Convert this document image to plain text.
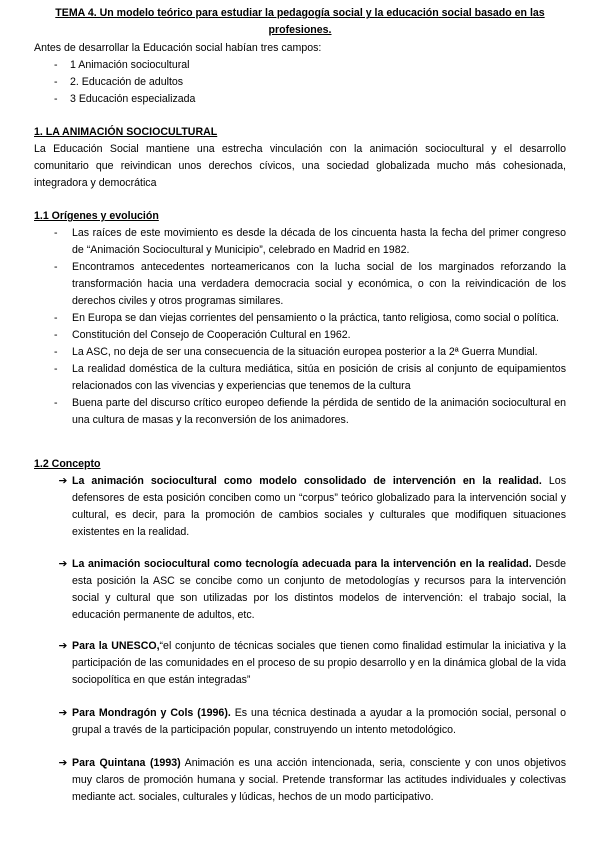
TEMA 4. Un modelo teórico para estudiar la pedagogía social y la educación social basado en las profesiones.
Antes de desarrollar la Educación social habían tres campos:
- 1 Animación sociocultural
- 2. Educación de adultos
- 3 Educación especializada

1. LA ANIMACIÓN SOCIOCULTURAL

La Educación Social mantiene una estrecha vinculación con la animación sociocultural y el desarrollo comunitario que reivindican unos derechos cívicos, una sociedad globalizada mucho más cohesionada, integradora y democrática

1.1 Orígenes y evolución

- Las raíces de este movimiento es desde la década de los cincuenta hasta la fecha del primer congreso de “Animación Sociocultural y Municipio”, celebrado en Madrid en 1982.
- Encontramos antecedentes norteamericanos con la lucha social de los marginados reforzando la transformación hacia una verdadera democracia social y económica, o con la reivindicación de los derechos civiles y otros programas similares.
- En Europa se dan viejas corrientes del pensamiento o la práctica, tanto religiosa, como social o política.
- Constitución del Consejo de Cooperación Cultural en 1962.
- La ASC, no deja de ser una consecuencia de la situación europea posterior a la 2ª Guerra Mundial.
- La realidad doméstica de la cultura mediática, sitúa en posición de crisis al conjunto de equipamientos relacionados con las vivencias y experiencias que tenemos de la cultura
- Buena parte del discurso crítico europeo defiende la pérdida de sentido de la animación sociocultural en una cultura de masas y la reconversión de los animadores.

1.2 Concepto

➔ La animación sociocultural como modelo consolidado de intervención en la realidad. Los defensores de esta posición conciben como un “corpus” teórico globalizado para la intervención social y cultural, es decir, para la promoción de cambios sociales y culturales que modifiquen situaciones existentes en la realidad.
➔ La animación sociocultural como tecnología adecuada para la intervención en la realidad. Desde esta posición la ASC se concibe como un conjunto de metodologías y recursos para la intervención social y cultural que son utilizadas por los distintos modelos de intervención: el trabajo social, la educación permanente de adultos, etc.
➔ Para la UNESCO,“el conjunto de técnicas sociales que tienen como finalidad estimular la iniciativa y la participación de las comunidades en el proceso de su propio desarrollo y en la dinámica global de la vida sociopolítica en que están integradas”
➔ Para Mondragón y Cols (1996). Es una técnica destinada a ayudar a la promoción social, personal o grupal a través de la participación popular, construyendo un intento metodológico.
➔ Para Quintana (1993) Animación es una acción intencionada, seria, consciente y con unos objetivos muy claros de promoción humana y social. Pretende transformar las actitudes individuales y colectivas mediante act. sociales, culturales y lúdicas, hechos de un modo participativo.
